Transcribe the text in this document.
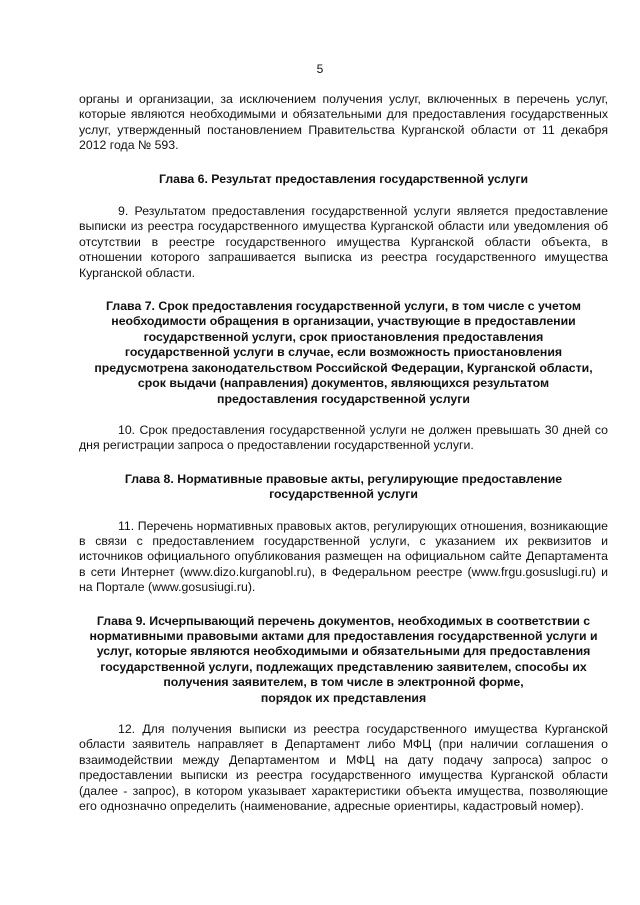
5

органы и организации, за исключением получения услуг, включенных в перечень услуг, которые являются необходимыми и обязательными для предоставления государственных услуг, утвержденный постановлением Правительства Курганской области от 11 декабря 2012 года № 593.

Глава 6. Результат предоставления государственной услуги

9. Результатом предоставления государственной услуги является предоставление выписки из реестра государственного имущества Курганской области или уведомления об отсутствии в реестре государственного имущества Курганской области объекта, в отношении которого запрашивается выписка из реестра государственного имущества Курганской области.

Глава 7. Срок предоставления государственной услуги, в том числе с учетом
необходимости обращения в организации, участвующие в предоставлении
государственной услуги, срок приостановления предоставления
государственной услуги в случае, если возможность приостановления
предусмотрена законодательством Российской Федерации, Курганской области,
срок выдачи (направления) документов, являющихся результатом
предоставления государственной услуги

10. Срок предоставления государственной услуги не должен превышать 30 дней со дня регистрации запроса о предоставлении государственной услуги.

Глава 8. Нормативные правовые акты, регулирующие предоставление
государственной услуги

11. Перечень нормативных правовых актов, регулирующих отношения, возникающие в связи с предоставлением государственной услуги, с указанием их реквизитов и источников официального опубликования размещен на официальном сайте Департамента в сети Интернет (www.dizo.kurganobl.ru), в Федеральном реестре (www.frgu.gosuslugi.ru) и на Портале (www.gosusiugi.ru).

Глава 9. Исчерпывающий перечень документов, необходимых в соответствии с
нормативными правовыми актами для предоставления государственной услуги и
услуг, которые являются необходимыми и обязательными для предоставления
государственной услуги, подлежащих представлению заявителем, способы их
получения заявителем, в том числе в электронной форме,
порядок их представления

12. Для получения выписки из реестра государственного имущества Курганской области заявитель направляет в Департамент либо МФЦ (при наличии соглашения о взаимодействии между Департаментом и МФЦ на дату подачу запроса) запрос о предоставлении выписки из реестра государственного имущества Курганской области (далее - запрос), в котором указывает характеристики объекта имущества, позволяющие его однозначно определить (наименование, адресные ориентиры, кадастровый номер).
